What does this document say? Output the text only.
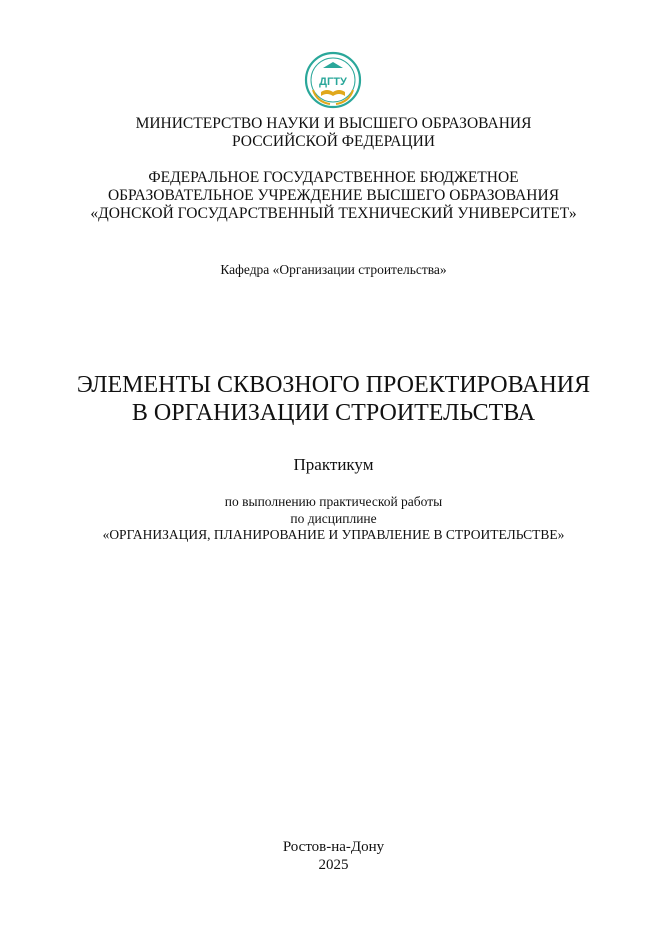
ДГТУ
МИНИСТЕРСТВО НАУКИ И ВЫСШЕГО ОБРАЗОВАНИЯ
РОССИЙСКОЙ ФЕДЕРАЦИИ
ФЕДЕРАЛЬНОЕ ГОСУДАРСТВЕННОЕ БЮДЖЕТНОЕ
ОБРАЗОВАТЕЛЬНОЕ УЧРЕЖДЕНИЕ ВЫСШЕГО ОБРАЗОВАНИЯ
«ДОНСКОЙ ГОСУДАРСТВЕННЫЙ ТЕХНИЧЕСКИЙ УНИВЕРСИТЕТ»
Кафедра «Организации строительства»
ЭЛЕМЕНТЫ СКВОЗНОГО ПРОЕКТИРОВАНИЯ
В ОРГАНИЗАЦИИ СТРОИТЕЛЬСТВА
Практикум
по выполнению практической работы
по дисциплине
«ОРГАНИЗАЦИЯ, ПЛАНИРОВАНИЕ И УПРАВЛЕНИЕ В СТРОИТЕЛЬСТВЕ»
Ростов-на-Дону
2025
